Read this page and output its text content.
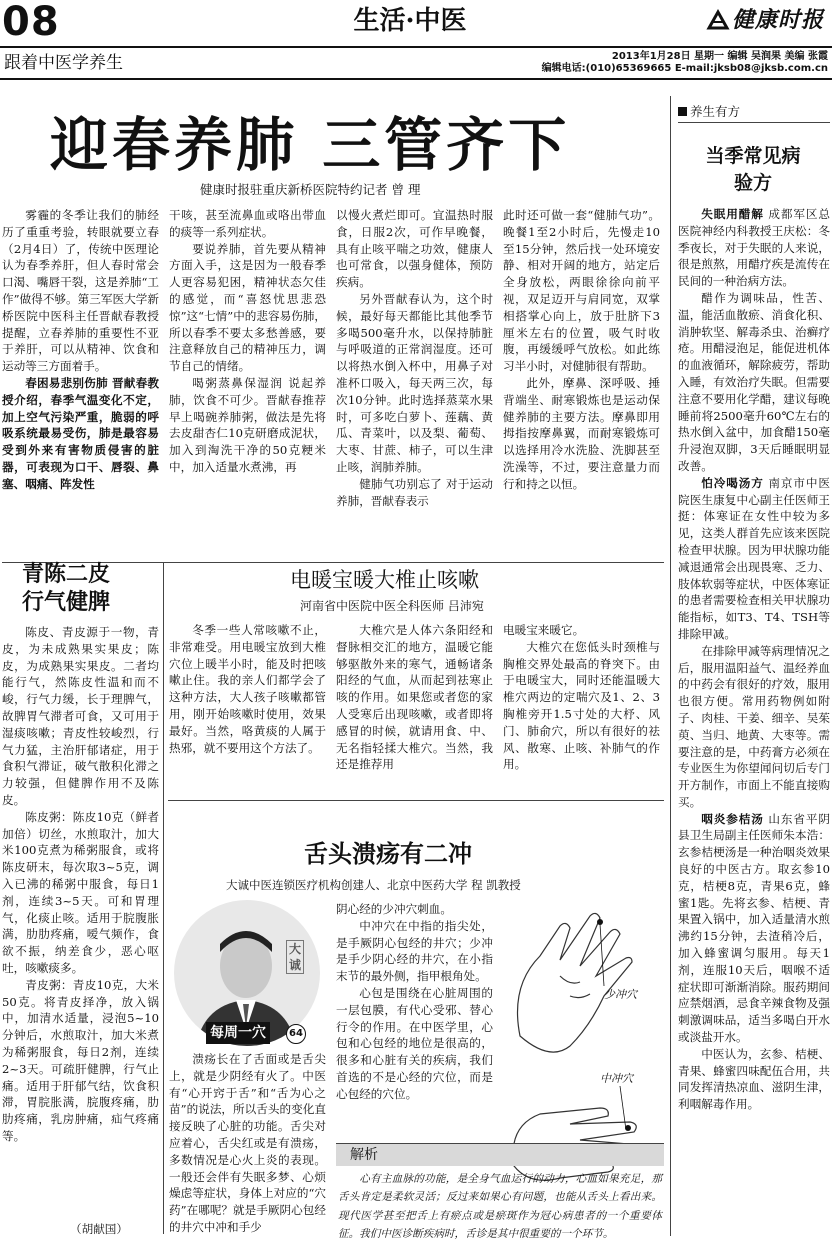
08	生活·中医	健康时报
跟着中医学养生	2013年1月28日 星期一 编辑 吴润果 美编 张霞
编辑电话:(010)65369665 E-mail:jksb08@jksb.com.cn
迎春养肺 三管齐下
健康时报驻重庆新桥医院特约记者 曾 理

雾霾的冬季让我们的肺经历了重重考验，转眼就要立春（2月4日）了，传统中医理论认为春季养肝，但人春时常会口渴、嘴唇干裂，这是养肺“工作”做得不够。第三军医大学新桥医院中医科主任晋献春教授提醒，立春养肺的重要性不亚于养肝，可以从精神、饮食和运动等三方面着手。

春困易悲别伤肺 晋献春教授介绍，春季气温变化不定，加上空气污染严重，脆弱的呼吸系统最易受伤，肺是最容易受到外来有害物质侵害的脏器，可表现为口干、唇裂、鼻塞、咽痛、阵发性

干咳，甚至流鼻血或咯出带血的痰等一系列症状。

要说养肺，首先要从精神方面入手，这是因为一般春季人更容易犯困，精神状态欠佳的感觉，而“喜怒忧思悲恐惊”这“七情”中的悲容易伤肺，所以春季不要太多愁善感，要注意释放自己的精神压力，调节自己的情绪。

喝粥蒸鼻保湿润 说起养肺，饮食不可少。晋献春推荐早上喝碗养肺粥，做法是先将去皮甜杏仁10克研磨成泥状，加入到淘洗干净的50克粳米中，加入适量水煮沸，再

以慢火煮烂即可。宜温热时服食，日服2次，可作早晚餐，具有止咳平喘之功效，健康人也可常食，以强身健体，预防疾病。

另外晋献春认为，这个时候，最好每天都能比其他季节多喝500毫升水，以保持肺脏与呼吸道的正常润湿度。还可以将热水倒入杯中，用鼻子对准杯口吸入，每天两三次，每次10分钟。此时选择蒸菜水果时，可多吃白萝卜、莲藕、黄瓜、青菜叶，以及梨、葡萄、大枣、甘蔗、柿子，可以生津止咳，润肺养肺。

健肺气功别忘了 对于运动养肺，晋献春表示

此时还可做一套“健肺气功”。晚餐1至2小时后，先慢走10至15分钟，然后找一处环境安静、相对开阔的地方，站定后全身放松，两眼徐徐向前平视，双足迈开与肩同宽，双掌相搭掌心向上，放于肚脐下3厘米左右的位置，吸气时收腹，再缓缓呼气放松。如此练习半小时，对健肺很有帮助。

此外，摩鼻、深呼吸、捶背端坐、耐寒锻炼也是运动保健养肺的主要方法。摩鼻即用拇指按摩鼻翼，而耐寒锻炼可以选择用冷水洗脸、洗脚甚至洗澡等，不过，要注意量力而行和持之以恒。

青陈二皮
行气健脾

陈皮、青皮源于一物，青皮，为未成熟果实果皮；陈皮，为成熟果实果皮。二者均能行气，然陈皮性温和而不峻，行气力缓，长于理脾气，故脾胃气滞者可食，又可用于湿痰咳嗽；青皮性较峻烈，行气力猛，主治肝郁诸症，用于食积气滞证，破气散积化滞之力较强，但健脾作用不及陈皮。

陈皮粥：陈皮10克（鲜者加倍）切丝，水煎取汁，加大米100克煮为稀粥服食，或将陈皮研末，每次取3~5克，调入已沸的稀粥中服食，每日1剂，连续3~5天。可和胃理气，化痰止咳。适用于脘腹胀满，肋肋疼痛，嗳气频作，食欲不振，纳差食少，恶心呕吐，咳嗽痰多。

青皮粥：青皮10克，大米50克。将青皮择净，放入锅中，加清水适量，浸泡5~10分钟后，水煎取汁，加大米煮为稀粥服食，每日2剂，连续2~3天。可疏肝健脾，行气止痛。适用于肝郁气结，饮食积滞，胃脘胀满，脘腹疼痛，肋肋疼痛，乳房肿痛，疝气疼痛等。

（胡献国）
电暖宝暖大椎止咳嗽
河南省中医院中医全科医师 吕沛宛

冬季一些人常咳嗽不止，非常难受。用电暖宝放到大椎穴位上暖半小时，能及时把咳嗽止住。我的亲人们都学会了这种方法，大人孩子咳嗽都管用，刚开始咳嗽时使用，效果最好。当然，咯黄痰的人属于热邪，就不要用这个方法了。

大椎穴是人体六条阳经和督脉相交汇的地方，温暖它能够驱散外来的寒气，通畅诸条阳经的气血，从而起到祛寒止咳的作用。如果您或者您的家人受寒后出现咳嗽，或者即将感冒的时候，就请用食、中、无名指轻揉大椎穴。当然，我还是推荐用

电暖宝来暖它。

大椎穴在您低头时颈椎与胸椎交界处最高的脊突下。由于电暖宝大，同时还能温暖大椎穴两边的定喘穴及1、2、3胸椎旁开1.5寸处的大杼、风门、肺俞穴，所以有很好的祛风、散寒、止咳、补肺气的作用。

舌头溃疡有二冲
大诚中医连锁医疗机构创建人、北京中医药大学 程 凯教授
大诚
每周一穴	64

溃疡长在了舌面或是舌尖上，就是少阴经有火了。中医有“心开窍于舌”和“舌为心之苗”的说法，所以舌头的变化直接反映了心脏的功能。舌尖对应着心，舌尖红或是有溃疡，多数情况是心火上炎的表现。一般还会伴有失眠多梦、心烦燥虑等症状，身体上对应的“穴药”在哪呢？就是手厥阴心包经的井穴中冲和手少

阴心经的少冲穴刺血。

中冲穴在中指的指尖处，是手厥阴心包经的井穴；少冲是手少阴心经的井穴，在小指末节的最外侧，指甲根角处。

心包是围绕在心脏周围的一层包膜，有代心受邪、替心行令的作用。在中医学里，心包和心包经的地位是很高的，很多和心脏有关的疾病，我们首选的不是心经的穴位，而是心包经的穴位。

少冲穴
中冲穴
解析
心有主血脉的功能，是全身气血运行的动力，心血如果充足，那舌头肯定是柔软灵活；反过来如果心有问题，也能从舌头上看出来。现代医学甚至把舌上有瘀点或是瘀斑作为冠心病患者的一个重要体征。我们中医诊断疾病时，舌诊是其中很重要的一个环节。
养生有方
当季常见病
验方

失眠用醋解 成都军区总医院神经内科教授王庆松：冬季夜长，对于失眠的人来说，很是煎熬，用醋疗疾是流传在民间的一种治病方法。

醋作为调味品，性苦、温，能活血散瘀、消食化积、消肿软坚、解毒杀虫、治癣疗疮。用醋浸泡足，能促进机体的血液循环，解除疲劳，帮助入睡，有效治疗失眠。但需要注意不要用化学醋，建议每晚睡前将2500毫升60℃左右的热水倒入盆中，加食醋150毫升浸泡双脚，3天后睡眠明显改善。

怕冷喝汤方 南京市中医院医生康复中心副主任医师王挺：体寒证在女性中较为多见，这类人群首先应该来医院检查甲状腺。因为甲状腺功能减退通常会出现畏寒、乏力、肢体软弱等症状，中医体寒证的患者需要检查相关甲状腺功能指标，如T3、T4、TSH等排除甲减。

在排除甲减等病理情况之后，服用温阳益气、温经养血的中药会有很好的疗效，服用也很方便。常用药物例如附子、肉桂、干姜、细辛、吴茱萸、当归、地黄、大枣等。需要注意的是，中药膏方必须在专业医生为你望闻问切后专门开方制作，市面上不能直接购买。

咽炎参桔汤 山东省平阴县卫生局副主任医师朱本浩：玄参桔梗汤是一种治咽炎效果良好的中医古方。取玄参10克，桔梗8克，青果6克，蜂蜜1匙。先将玄参、桔梗、青果置入锅中，加入适量清水煎沸约15分钟，去渣稍冷后，加入蜂蜜调匀服用。每天1剂，连服10天后，咽喉不适症状即可渐渐消除。服药期间应禁烟酒，忌食辛辣食物及强刺激调味品，适当多喝白开水或淡盐开水。

中医认为，玄参、桔梗、青果、蜂蜜四味配伍合用，共同发挥清热凉血、滋阴生津，利咽解毒作用。
